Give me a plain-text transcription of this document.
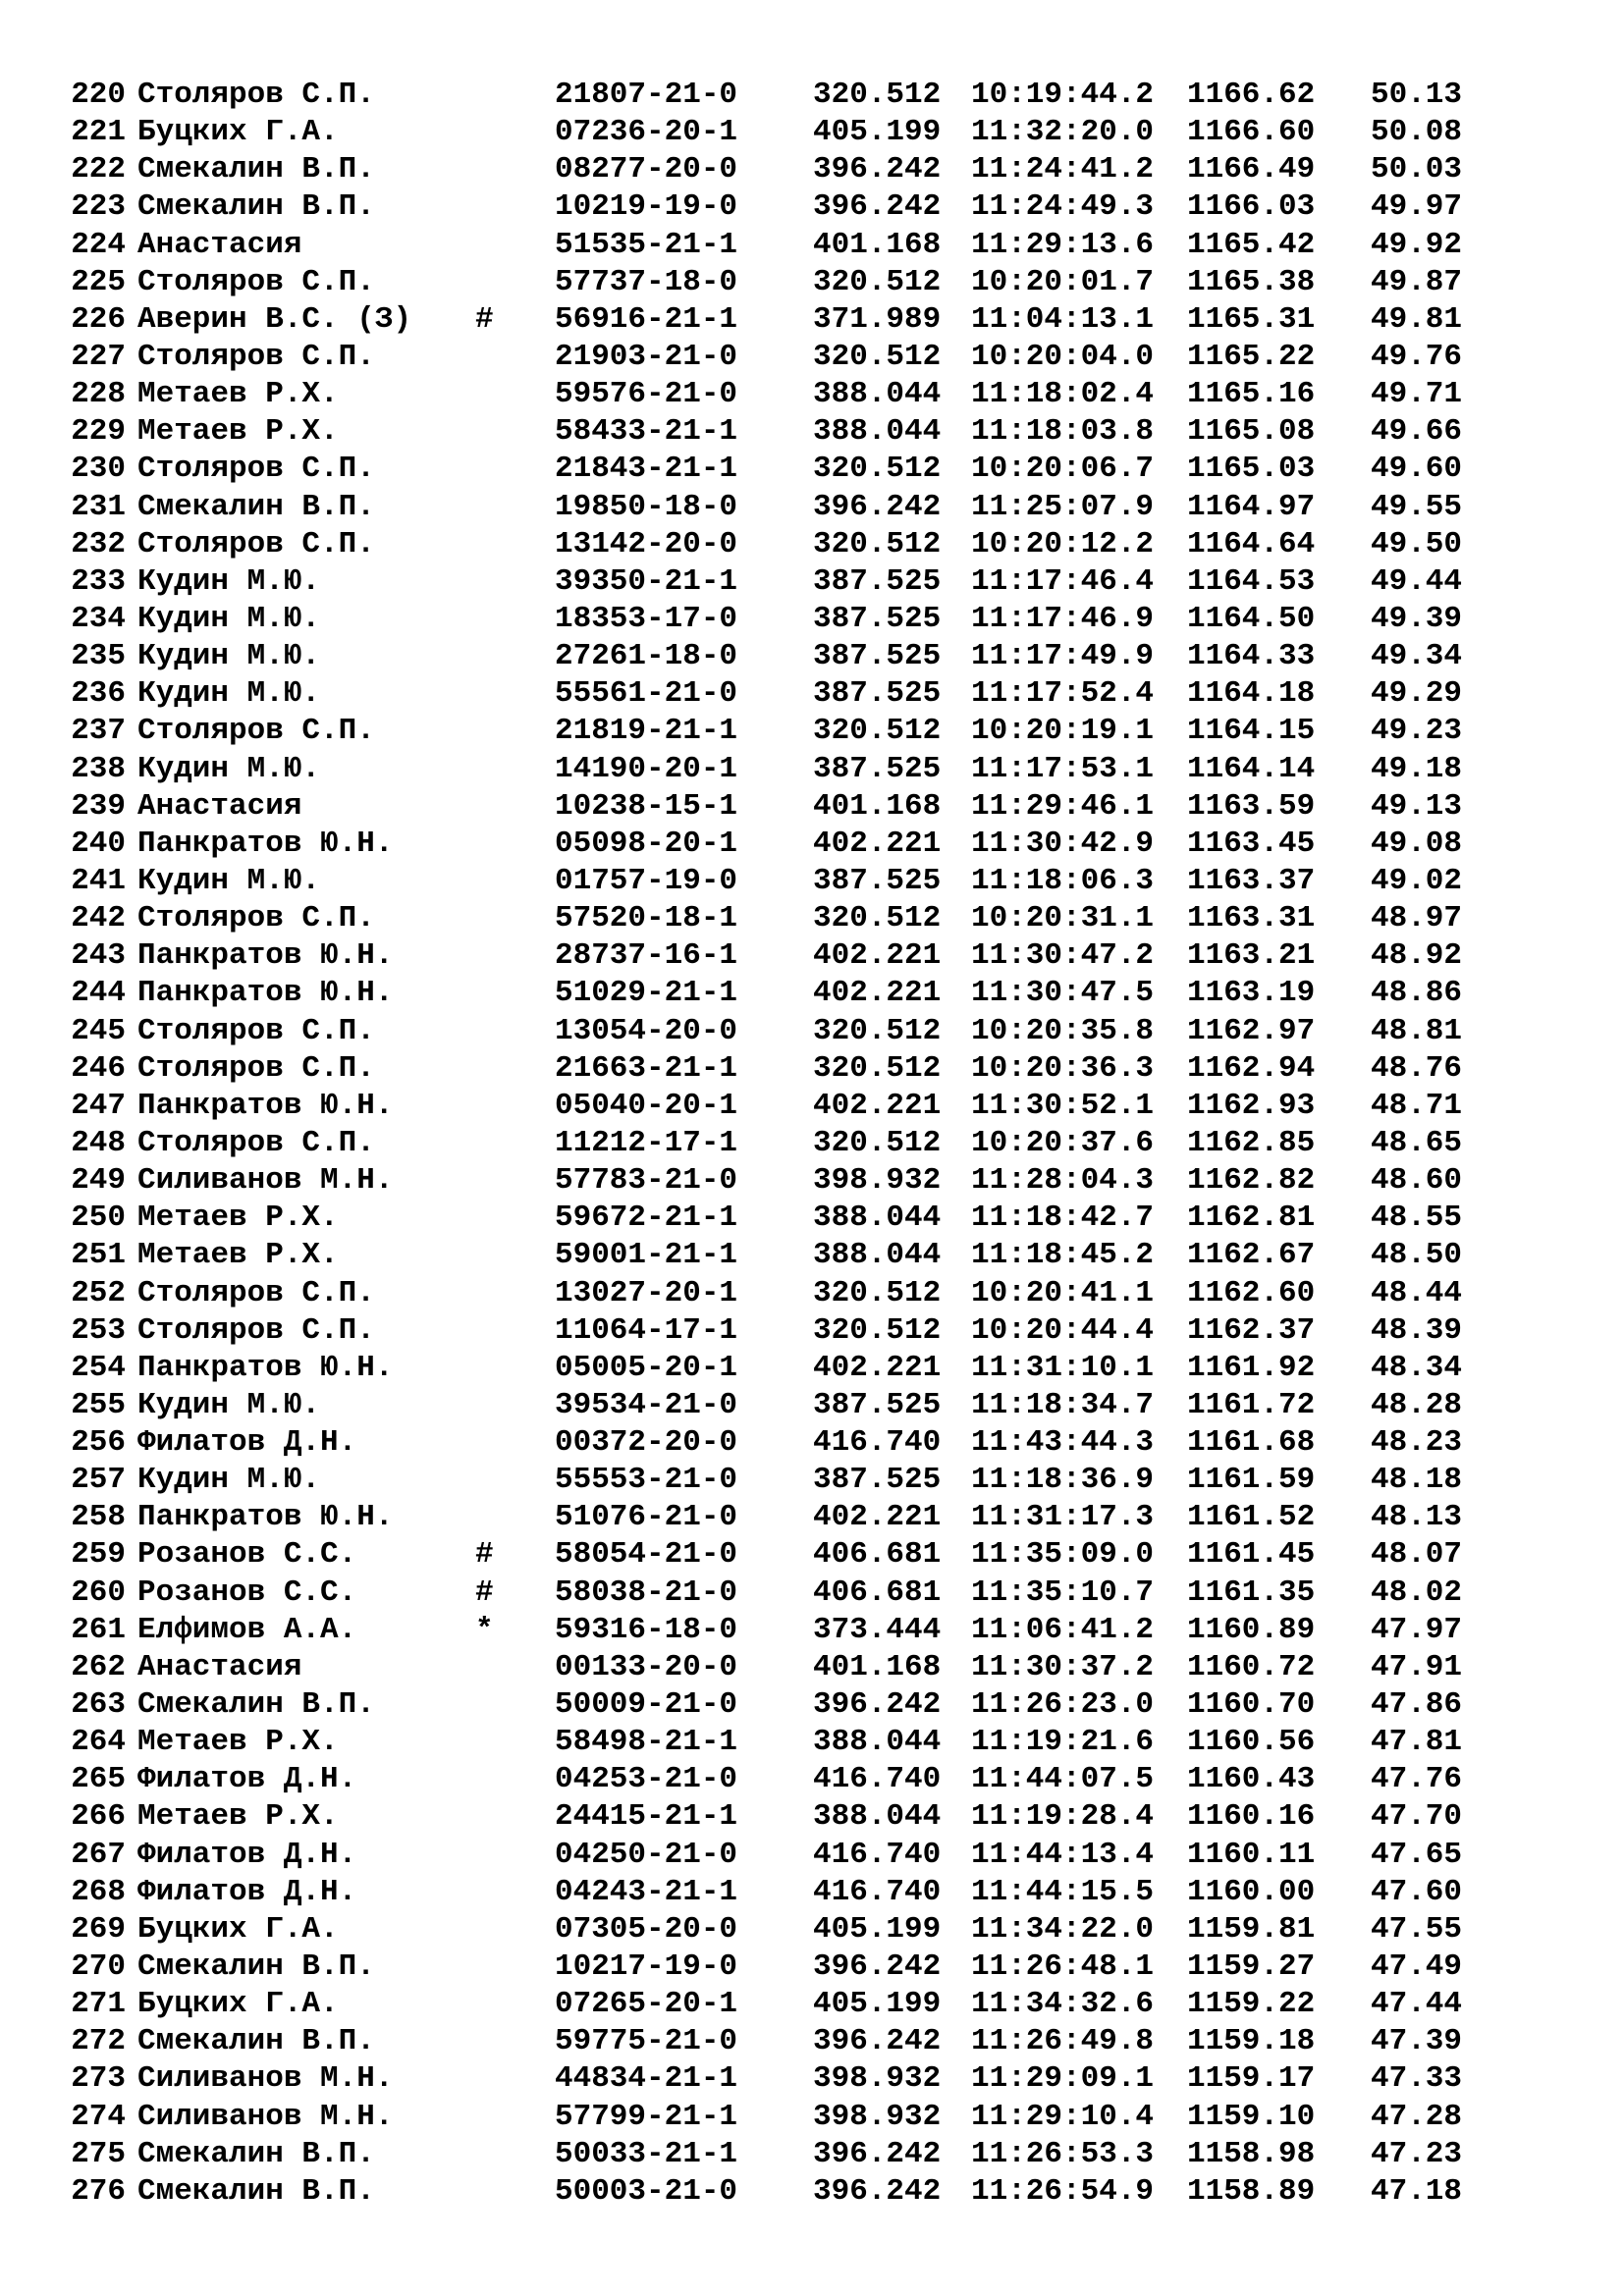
220 Столяров С.П.	21807-21-0 320.512 10:19:44.2 1166.62 50.13
221 Буцких Г.А.	07236-20-1 405.199 11:32:20.0 1166.60 50.08
222 Смекалин В.П.	08277-20-0 396.242 11:24:41.2 1166.49 50.03
223 Смекалин В.П.	10219-19-0 396.242 11:24:49.3 1166.03 49.97
224 Анастасия	51535-21-1 401.168 11:29:13.6 1165.42 49.92
225 Столяров С.П.	57737-18-0 320.512 10:20:01.7 1165.38 49.87
226 Аверин В.С. (З) # 56916-21-1 371.989 11:04:13.1 1165.31 49.81
227 Столяров С.П.	21903-21-0 320.512 10:20:04.0 1165.22 49.76
228 Метаев Р.Х.	59576-21-0 388.044 11:18:02.4 1165.16 49.71
229 Метаев Р.Х.	58433-21-1 388.044 11:18:03.8 1165.08 49.66
230 Столяров С.П.	21843-21-1 320.512 10:20:06.7 1165.03 49.60
231 Смекалин В.П.	19850-18-0 396.242 11:25:07.9 1164.97 49.55
232 Столяров С.П.	13142-20-0 320.512 10:20:12.2 1164.64 49.50
233 Кудин М.Ю.	39350-21-1 387.525 11:17:46.4 1164.53 49.44
234 Кудин М.Ю.	18353-17-0 387.525 11:17:46.9 1164.50 49.39
235 Кудин М.Ю.	27261-18-0 387.525 11:17:49.9 1164.33 49.34
236 Кудин М.Ю.	55561-21-0 387.525 11:17:52.4 1164.18 49.29
237 Столяров С.П.	21819-21-1 320.512 10:20:19.1 1164.15 49.23
238 Кудин М.Ю.	14190-20-1 387.525 11:17:53.1 1164.14 49.18
239 Анастасия	10238-15-1 401.168 11:29:46.1 1163.59 49.13
240 Панкратов Ю.Н.	05098-20-1 402.221 11:30:42.9 1163.45 49.08
241 Кудин М.Ю.	01757-19-0 387.525 11:18:06.3 1163.37 49.02
242 Столяров С.П.	57520-18-1 320.512 10:20:31.1 1163.31 48.97
243 Панкратов Ю.Н.	28737-16-1 402.221 11:30:47.2 1163.21 48.92
244 Панкратов Ю.Н.	51029-21-1 402.221 11:30:47.5 1163.19 48.86
245 Столяров С.П.	13054-20-0 320.512 10:20:35.8 1162.97 48.81
246 Столяров С.П.	21663-21-1 320.512 10:20:36.3 1162.94 48.76
247 Панкратов Ю.Н.	05040-20-1 402.221 11:30:52.1 1162.93 48.71
248 Столяров С.П.	11212-17-1 320.512 10:20:37.6 1162.85 48.65
249 Силиванов М.Н.	57783-21-0 398.932 11:28:04.3 1162.82 48.60
250 Метаев Р.Х.	59672-21-1 388.044 11:18:42.7 1162.81 48.55
251 Метаев Р.Х.	59001-21-1 388.044 11:18:45.2 1162.67 48.50
252 Столяров С.П.	13027-20-1 320.512 10:20:41.1 1162.60 48.44
253 Столяров С.П.	11064-17-1 320.512 10:20:44.4 1162.37 48.39
254 Панкратов Ю.Н.	05005-20-1 402.221 11:31:10.1 1161.92 48.34
255 Кудин М.Ю.	39534-21-0 387.525 11:18:34.7 1161.72 48.28
256 Филатов Д.Н.	00372-20-0 416.740 11:43:44.3 1161.68 48.23
257 Кудин М.Ю.	55553-21-0 387.525 11:18:36.9 1161.59 48.18
258 Панкратов Ю.Н.	51076-21-0 402.221 11:31:17.3 1161.52 48.13
259 Розанов С.С.	# 58054-21-0 406.681 11:35:09.0 1161.45 48.07
260 Розанов С.С.	# 58038-21-0 406.681 11:35:10.7 1161.35 48.02
261 Елфимов А.А.	* 59316-18-0 373.444 11:06:41.2 1160.89 47.97
262 Анастасия	00133-20-0 401.168 11:30:37.2 1160.72 47.91
263 Смекалин В.П.	50009-21-0 396.242 11:26:23.0 1160.70 47.86
264 Метаев Р.Х.	58498-21-1 388.044 11:19:21.6 1160.56 47.81
265 Филатов Д.Н.	04253-21-0 416.740 11:44:07.5 1160.43 47.76
266 Метаев Р.Х.	24415-21-1 388.044 11:19:28.4 1160.16 47.70
267 Филатов Д.Н.	04250-21-0 416.740 11:44:13.4 1160.11 47.65
268 Филатов Д.Н.	04243-21-1 416.740 11:44:15.5 1160.00 47.60
269 Буцких Г.А.	07305-20-0 405.199 11:34:22.0 1159.81 47.55
270 Смекалин В.П.	10217-19-0 396.242 11:26:48.1 1159.27 47.49
271 Буцких Г.А.	07265-20-1 405.199 11:34:32.6 1159.22 47.44
272 Смекалин В.П.	59775-21-0 396.242 11:26:49.8 1159.18 47.39
273 Силиванов М.Н.	44834-21-1 398.932 11:29:09.1 1159.17 47.33
274 Силиванов М.Н.	57799-21-1 398.932 11:29:10.4 1159.10 47.28
275 Смекалин В.П.	50033-21-1 396.242 11:26:53.3 1158.98 47.23
276 Смекалин В.П.	50003-21-0 396.242 11:26:54.9 1158.89 47.18
